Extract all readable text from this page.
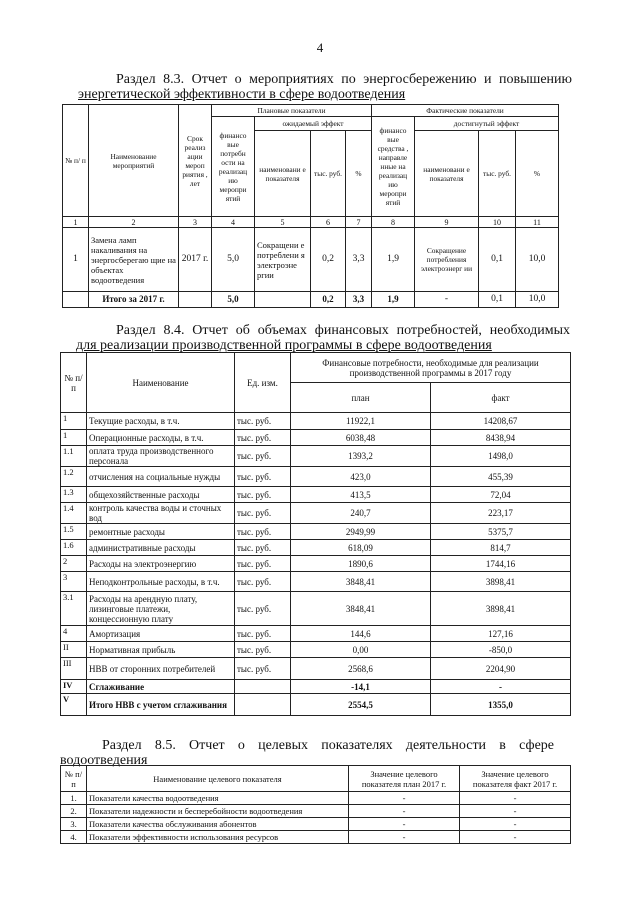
4
Раздел 8.3. Отчет о мероприятиях по энергосбережению и повышению
энергетической эффективности в сфере водоотведения
№ п/ п	Наименование мероприятий	Срок реализ ации мероп риятия , лет	Плановые показатели				Фактические показатели			
			финансо вые потребн ости на реализац ию меропри ятий	ожидаемый эффект			финансо вые средства , направле нные на реализац ию меропри ятий	достигнутый эффект		
				наименовани е показателя	тыс. руб.	%		наименовани е показателя	тыс. руб.	%
1	2	3	4	5	6	7	8	9	10	11
1	Замена ламп накаливания на энергосберегаю щие на объектах водоотведения	2017 г.	5,0	Сокращени е потреблени я электроэне ргии	0,2	3,3	1,9	Сокращение потребления электроэнерг ии	0,1	10,0
	Итого за 2017 г.		5,0		0,2	3,3	1,9	-	0,1	10,0
Раздел 8.4. Отчет об объемах финансовых потребностей, необходимых
для реализации производственной программы в сфере водоотведения
№ п/п	Наименование	Ед. изм.	Финансовые потребности, необходимые для реализации производственной программы в 2017 году	
			план	факт
1	Текущие расходы, в т.ч.	тыс. руб.	11922,1	14208,67
1	Операционные расходы, в т.ч.	тыс. руб.	6038,48	8438,94
1.1	оплата труда производственного персонала	тыс. руб.	1393,2	1498,0
1.2	отчисления на социальные нужды	тыс. руб.	423,0	455,39
1.3	общехозяйственные расходы	тыс. руб.	413,5	72,04
1.4	контроль качества воды и сточных вод	тыс. руб.	240,7	223,17
1.5	ремонтные расходы	тыс. руб.	2949,99	5375,7
1.6	административные расходы	тыс. руб.	618,09	814,7
2	Расходы на электроэнергию	тыс. руб.	1890,6	1744,16
3	Неподконтрольные расходы, в т.ч.	тыс. руб.	3848,41	3898,41
3.1	Расходы на арендную плату, лизинговые платежи, концессионную плату	тыс. руб.	3848,41	3898,41
4	Амортизация	тыс. руб.	144,6	127,16
II	Нормативная прибыль	тыс. руб.	0,00	-850,0
III	НВВ от сторонних потребителей	тыс. руб.	2568,6	2204,90
IV	Сглаживание		-14,1	-
V	Итого НВВ с учетом сглаживания		2554,5	1355,0
Раздел 8.5. Отчет о целевых показателях деятельности в сфере
водоотведения
№ п/п	Наименование целевого показателя	Значение целевого показателя план 2017 г.	Значение целевого показателя факт 2017 г.
1.	Показатели качества водоотведения	-	-
2.	Показатели надежности и бесперебойности водоотведения	-	-
3.	Показатели качества обслуживания абонентов	-	-
4.	Показатели эффективности использования ресурсов	-	-
